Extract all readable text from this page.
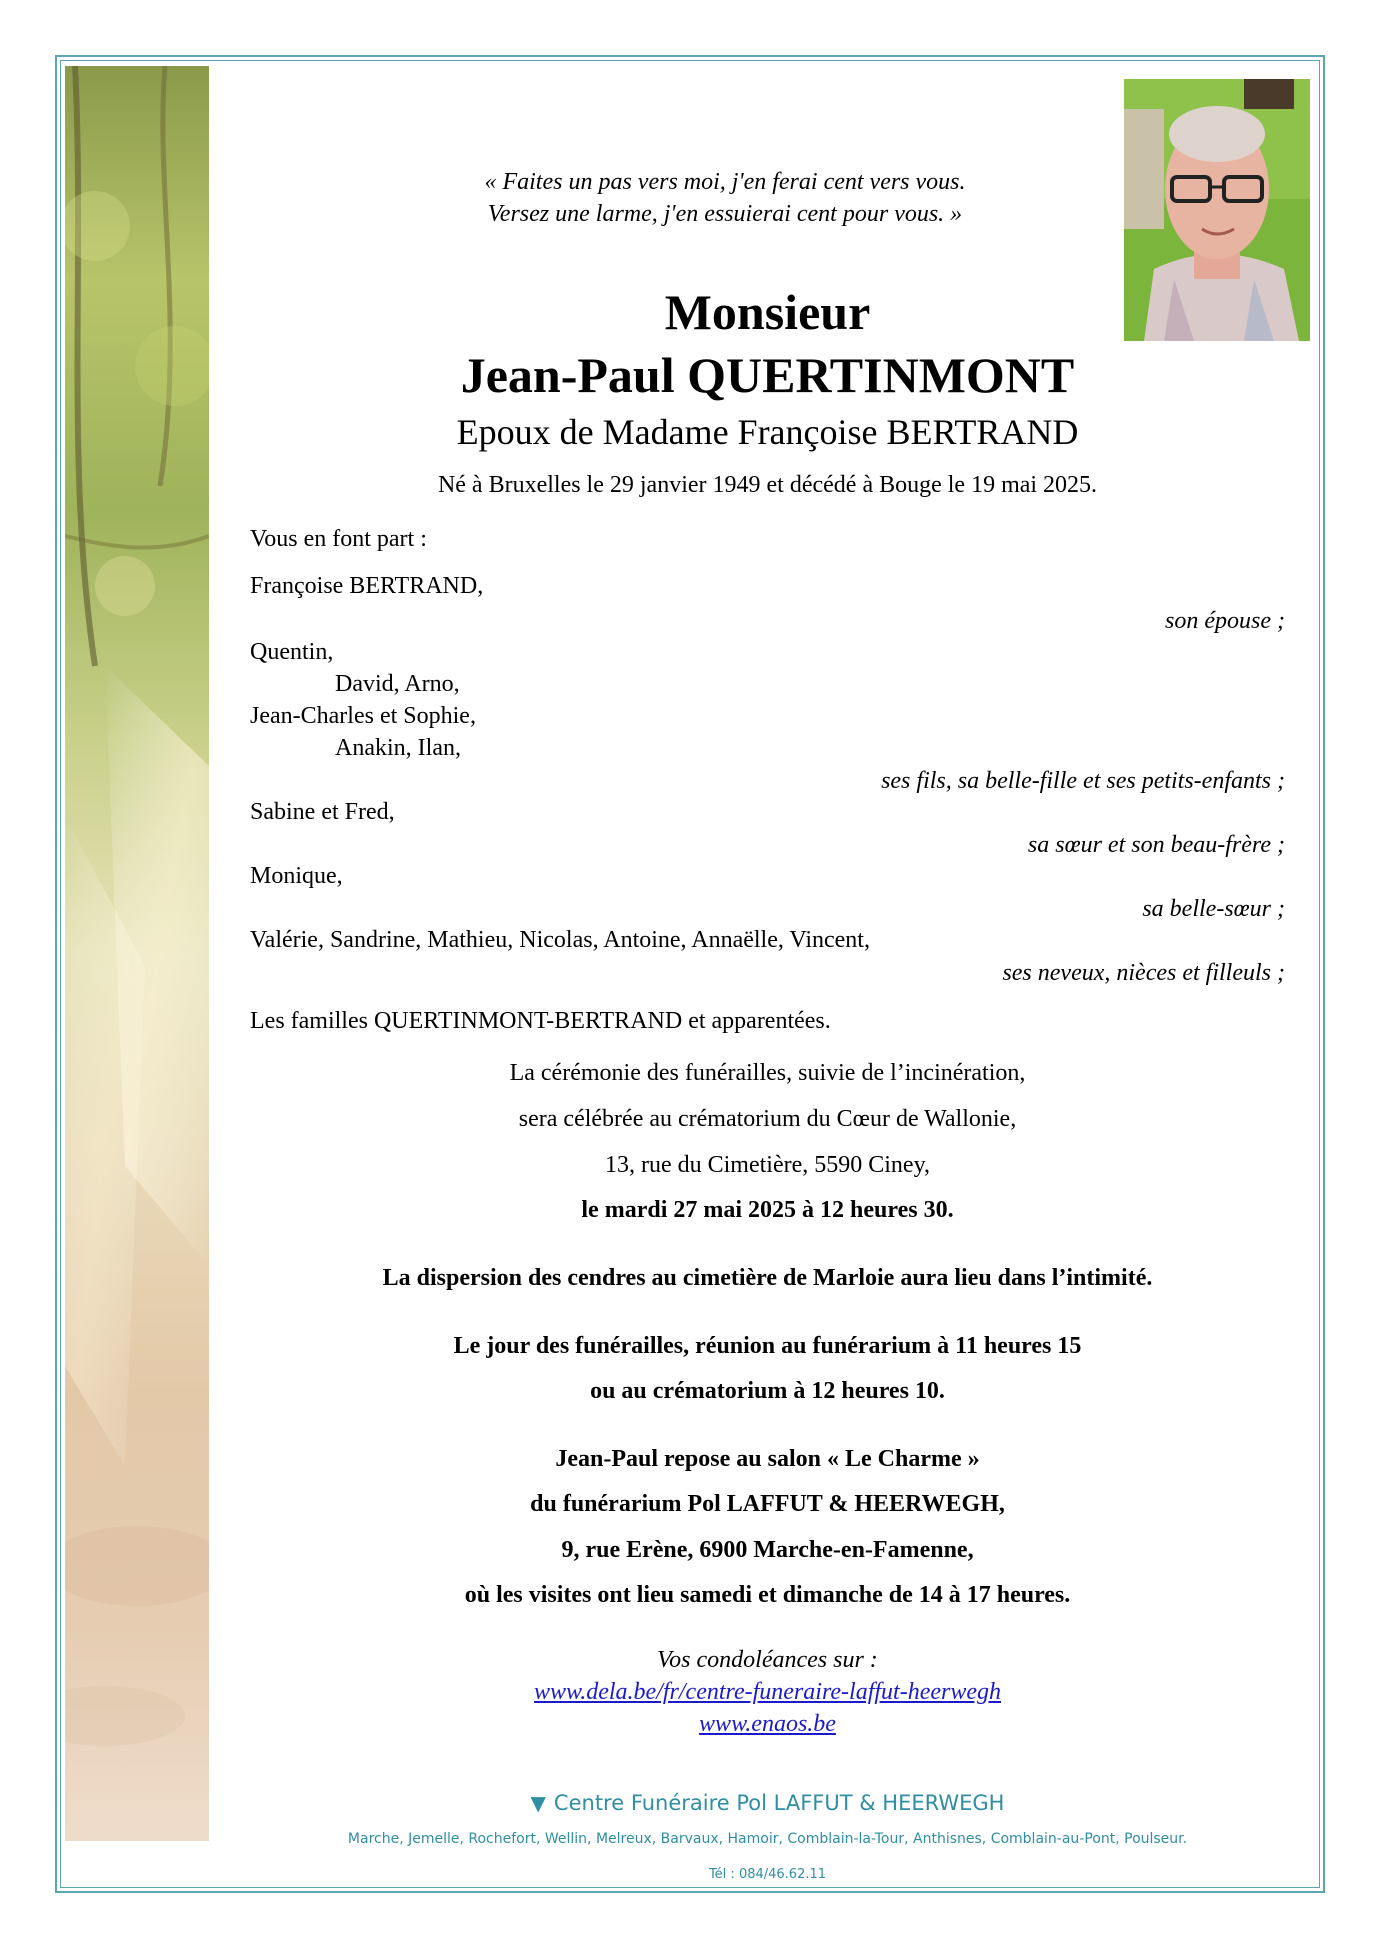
« Faites un pas vers moi, j'en ferai cent vers vous.
Versez une larme, j'en essuierai cent pour vous. »
Monsieur
Jean-Paul QUERTINMONT
Epoux de Madame Françoise BERTRAND
Né à Bruxelles le 29 janvier 1949 et décédé à Bouge le 19 mai 2025.
Vous en font part :
Françoise BERTRAND,
son épouse ;
Quentin,
David, Arno,
Jean-Charles et Sophie,
Anakin, Ilan,
ses fils, sa belle-fille et ses petits-enfants ;
Sabine et Fred,
sa sœur et son beau-frère ;
Monique,
sa belle-sœur ;
Valérie, Sandrine, Mathieu, Nicolas, Antoine, Annaëlle, Vincent,
ses neveux, nièces et filleuls ;
Les familles QUERTINMONT-BERTRAND et apparentées.
La cérémonie des funérailles, suivie de l’incinération,
sera célébrée au crématorium du Cœur de Wallonie,
13, rue du Cimetière, 5590 Ciney,
le mardi 27 mai 2025 à 12 heures 30.
La dispersion des cendres au cimetière de Marloie aura lieu dans l’intimité.
Le jour des funérailles, réunion au funérarium à 11 heures 15
ou au crématorium à 12 heures 10.
Jean-Paul repose au salon « Le Charme »
du funérarium Pol LAFFUT & HEERWEGH,
9, rue Erène, 6900 Marche-en-Famenne,
où les visites ont lieu samedi et dimanche de 14 à 17 heures.
Vos condoléances sur :
www.dela.be/fr/centre-funeraire-laffut-heerwegh
www.enaos.be
▼ Centre Funéraire Pol LAFFUT & HEERWEGH
Marche, Jemelle, Rochefort, Wellin, Melreux, Barvaux, Hamoir, Comblain-la-Tour, Anthisnes, Comblain-au-Pont, Poulseur.
Tél : 084/46.62.11
